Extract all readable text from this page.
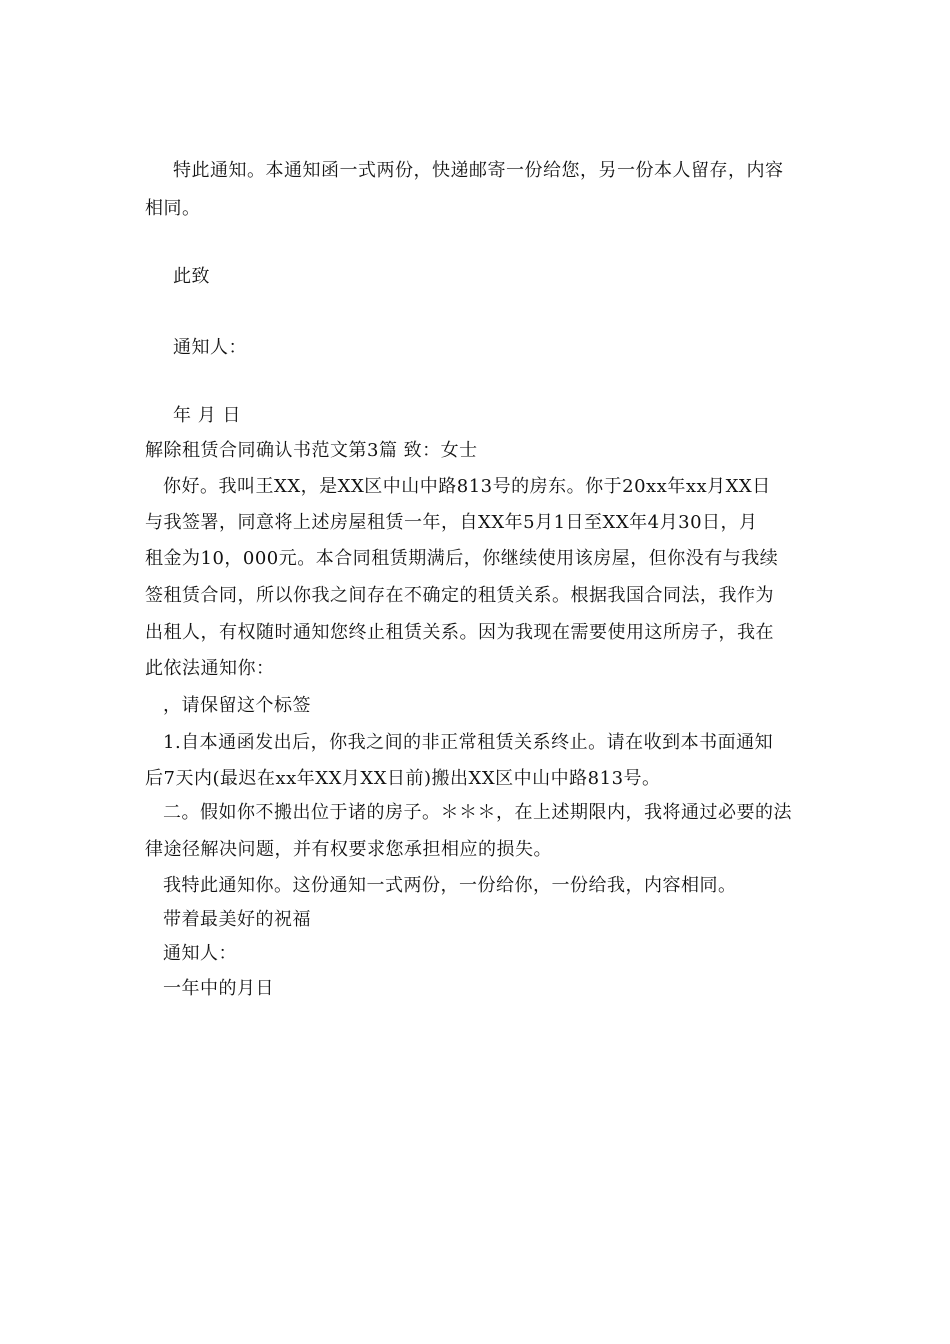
特此通知。本通知函一式两份，快递邮寄一份给您，另一份本人留存，内容
相同。
此致
通知人：
年 月 日
解除租赁合同确认书范文第3篇 致：女士
你好。我叫王XX，是XX区中山中路813号的房东。你于20xx年xx月XX日
与我签署，同意将上述房屋租赁一年，自XX年5月1日至XX年4月30日，月
租金为10，000元。本合同租赁期满后，你继续使用该房屋，但你没有与我续
签租赁合同，所以你我之间存在不确定的租赁关系。根据我国合同法，我作为
出租人，有权随时通知您终止租赁关系。因为我现在需要使用这所房子，我在
此依法通知你：
，请保留这个标签
1.自本通函发出后，你我之间的非正常租赁关系终止。请在收到本书面通知
后7天内(最迟在xx年XX月XX日前)搬出XX区中山中路813号。
二。假如你不搬出位于诸的房子。＊＊＊，在上述期限内，我将通过必要的法
律途径解决问题，并有权要求您承担相应的损失。
我特此通知你。这份通知一式两份，一份给你，一份给我，内容相同。
带着最美好的祝福
通知人：
一年中的月日
